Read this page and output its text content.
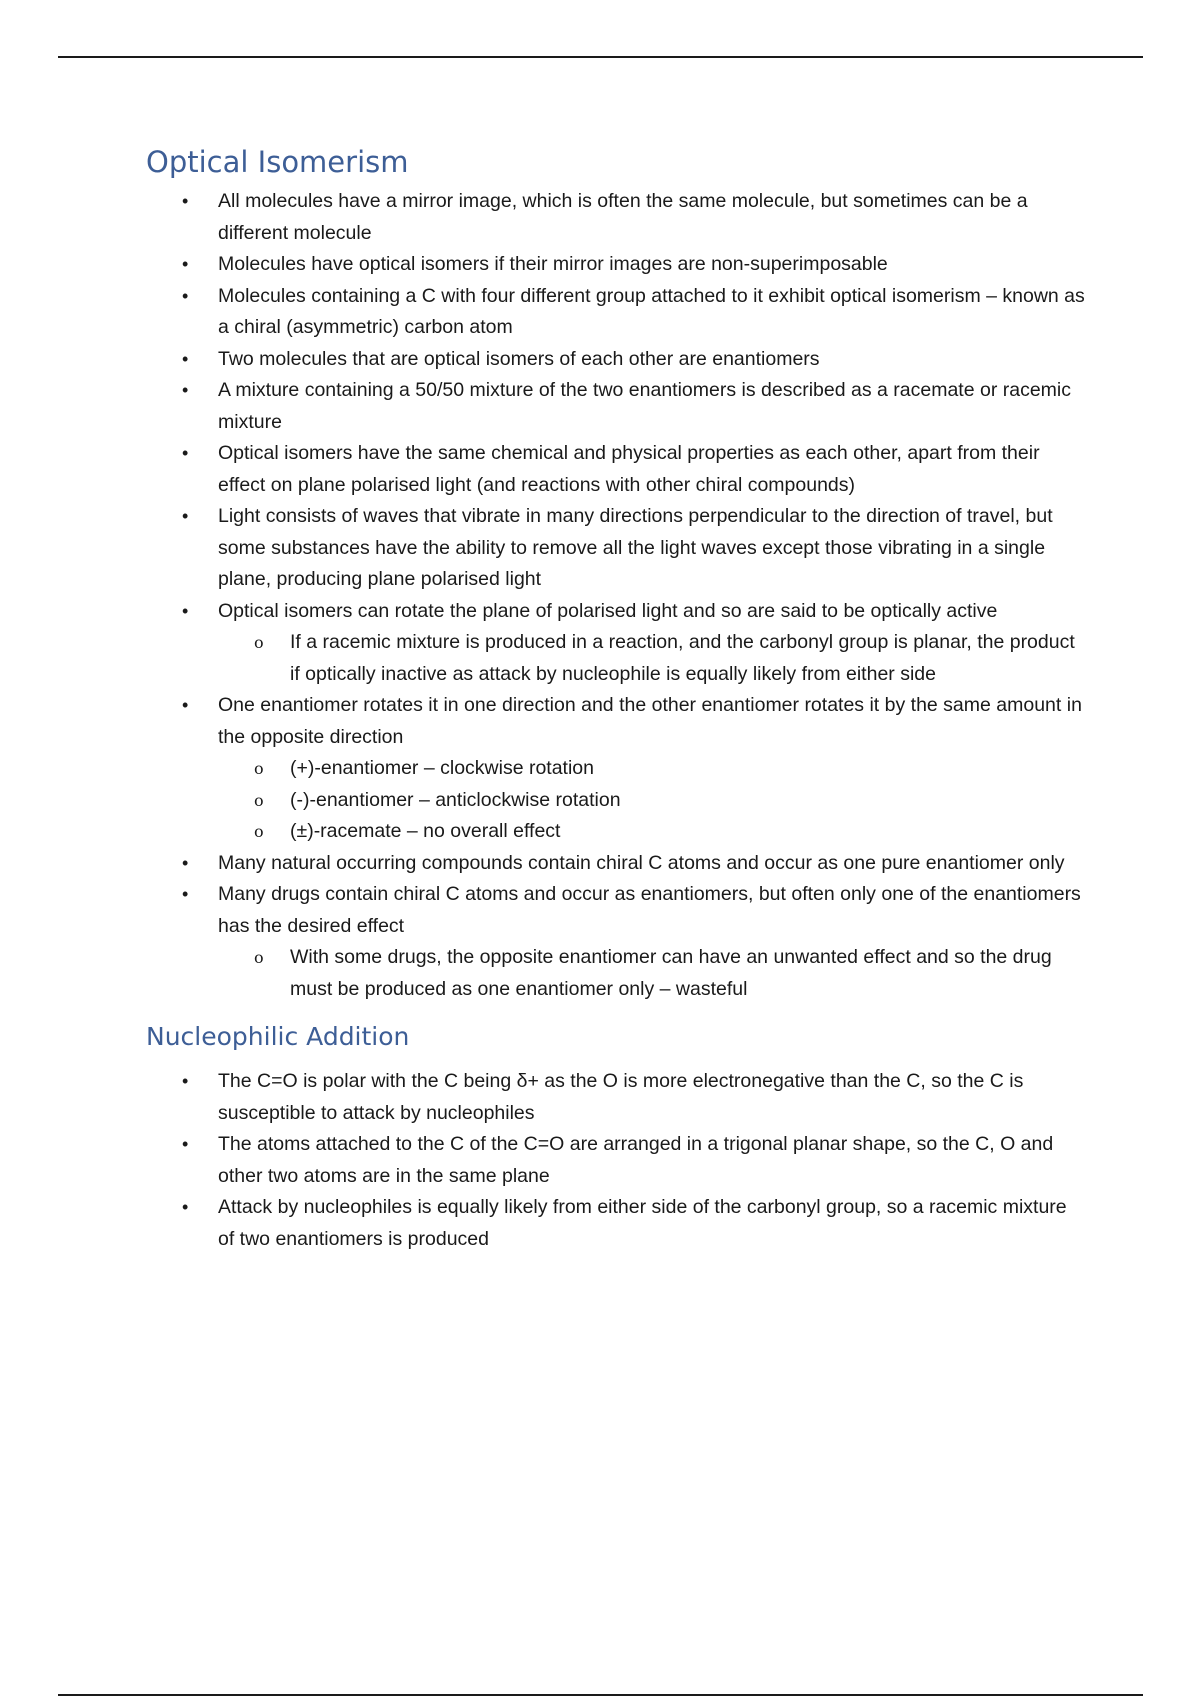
Optical Isomerism
• All molecules have a mirror image, which is often the same molecule, but sometimes can be a different molecule
• Molecules have optical isomers if their mirror images are non-superimposable
• Molecules containing a C with four different group attached to it exhibit optical isomerism – known as a chiral (asymmetric) carbon atom
• Two molecules that are optical isomers of each other are enantiomers
• A mixture containing a 50/50 mixture of the two enantiomers is described as a racemate or racemic mixture
• Optical isomers have the same chemical and physical properties as each other, apart from their effect on plane polarised light (and reactions with other chiral compounds)
• Light consists of waves that vibrate in many directions perpendicular to the direction of travel, but some substances have the ability to remove all the light waves except those vibrating in a single plane, producing plane polarised light
• Optical isomers can rotate the plane of polarised light and so are said to be optically active
o If a racemic mixture is produced in a reaction, and the carbonyl group is planar, the product if optically inactive as attack by nucleophile is equally likely from either side
• One enantiomer rotates it in one direction and the other enantiomer rotates it by the same amount in the opposite direction
o (+)-enantiomer – clockwise rotation
o (-)-enantiomer – anticlockwise rotation
o (±)-racemate – no overall effect
• Many natural occurring compounds contain chiral C atoms and occur as one pure enantiomer only
• Many drugs contain chiral C atoms and occur as enantiomers, but often only one of the enantiomers has the desired effect
o With some drugs, the opposite enantiomer can have an unwanted effect and so the drug must be produced as one enantiomer only – wasteful
Nucleophilic Addition
• The C=O is polar with the C being δ+ as the O is more electronegative than the C, so the C is susceptible to attack by nucleophiles
• The atoms attached to the C of the C=O are arranged in a trigonal planar shape, so the C, O and other two atoms are in the same plane
• Attack by nucleophiles is equally likely from either side of the carbonyl group, so a racemic mixture of two enantiomers is produced
